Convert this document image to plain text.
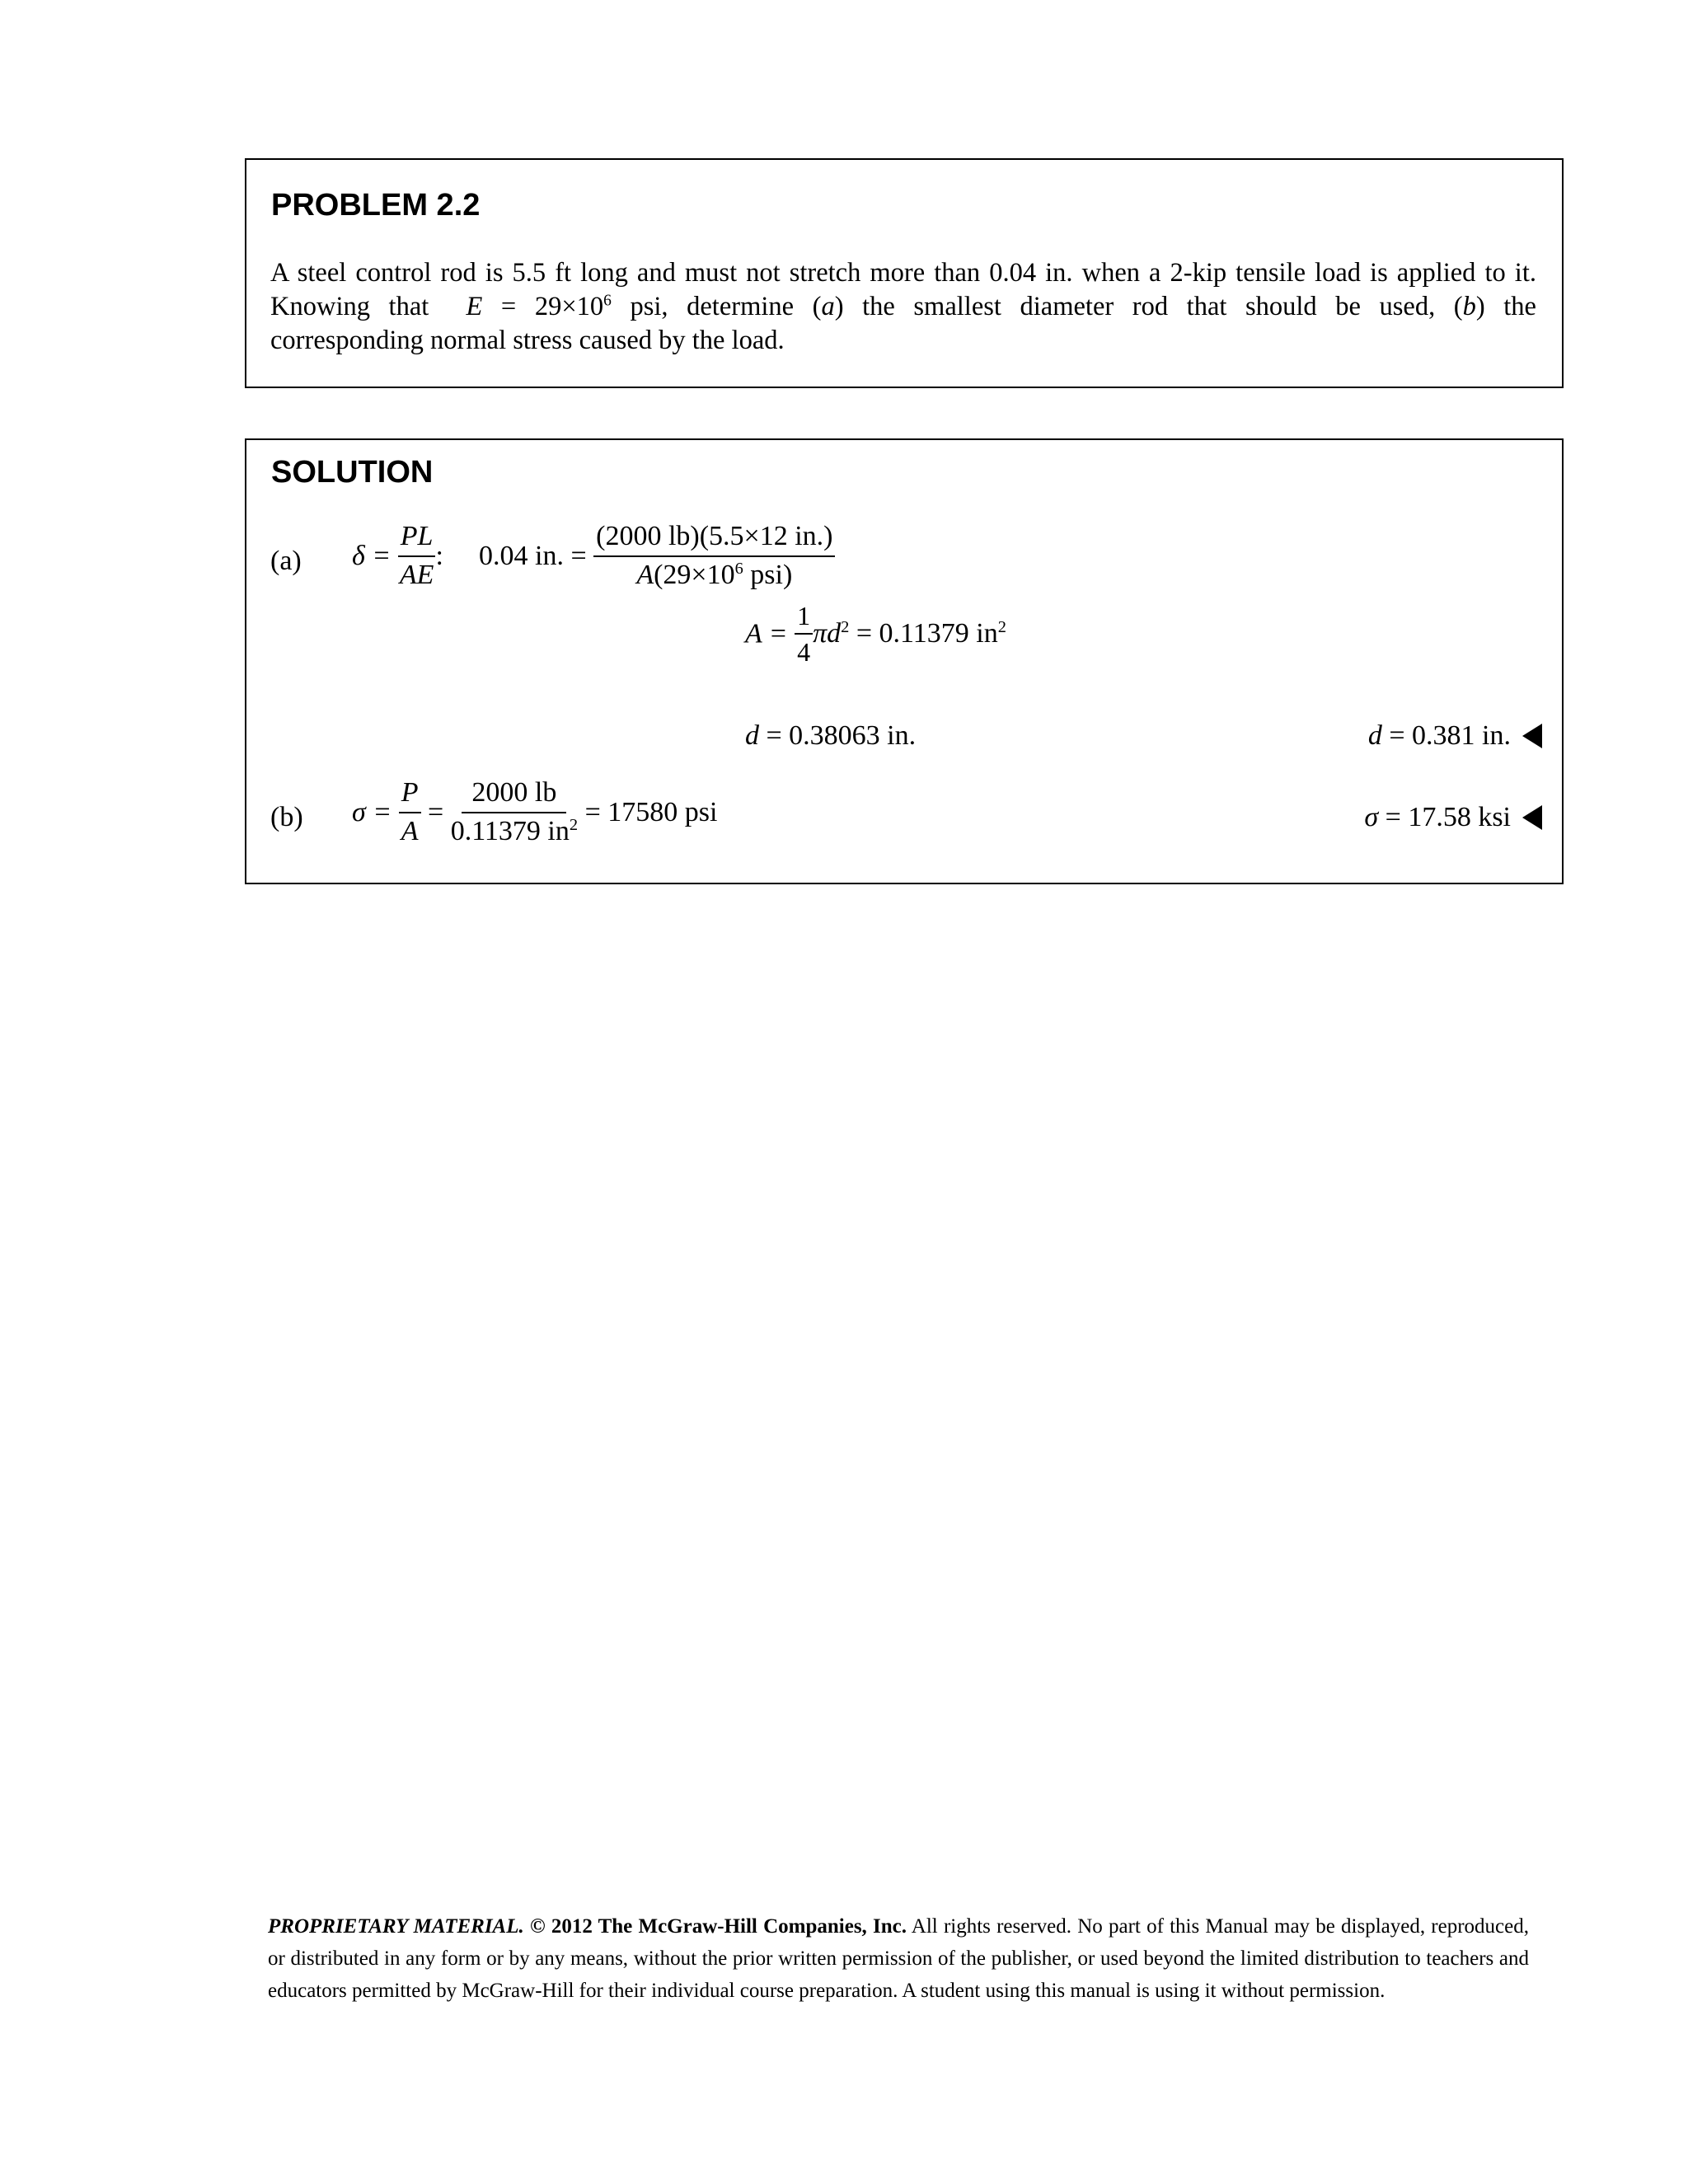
PROBLEM 2.2
A steel control rod is 5.5 ft long and must not stretch more than 0.04 in. when a 2-kip tensile load is applied to it.
Knowing that $E = 29\times 10^6$ psi, determine (a) the smallest diameter rod that should be used, (b) the
corresponding normal stress caused by the load.
SOLUTION
(a) $\delta = \frac{PL}{AE}$ : 0.04 in. = $\frac{(2000 lb)(5.5\times 12 in.)}{A(29\times 10^6 psi)}$
$A = \frac{1}{4} \pi d^2 = 0.11379$ $in^2$
d = 0.38063 in.	d = 0.381 in.
(b) $\sigma = \frac{P}{A} = \frac{2000 lb}{0.11379 in^2} = 17580$ psi	σ = 17.58 ksi
PROPRIETARY MATERIAL. © 2012 The McGraw-Hill Companies, Inc. All rights reserved. No part of this Manual may be displayed, reproduced, or distributed in any form or by any means, without the prior written permission of the publisher, or used beyond the limited distribution to teachers and educators permitted by McGraw-Hill for their individual course preparation. A student using this manual is using it without permission.
